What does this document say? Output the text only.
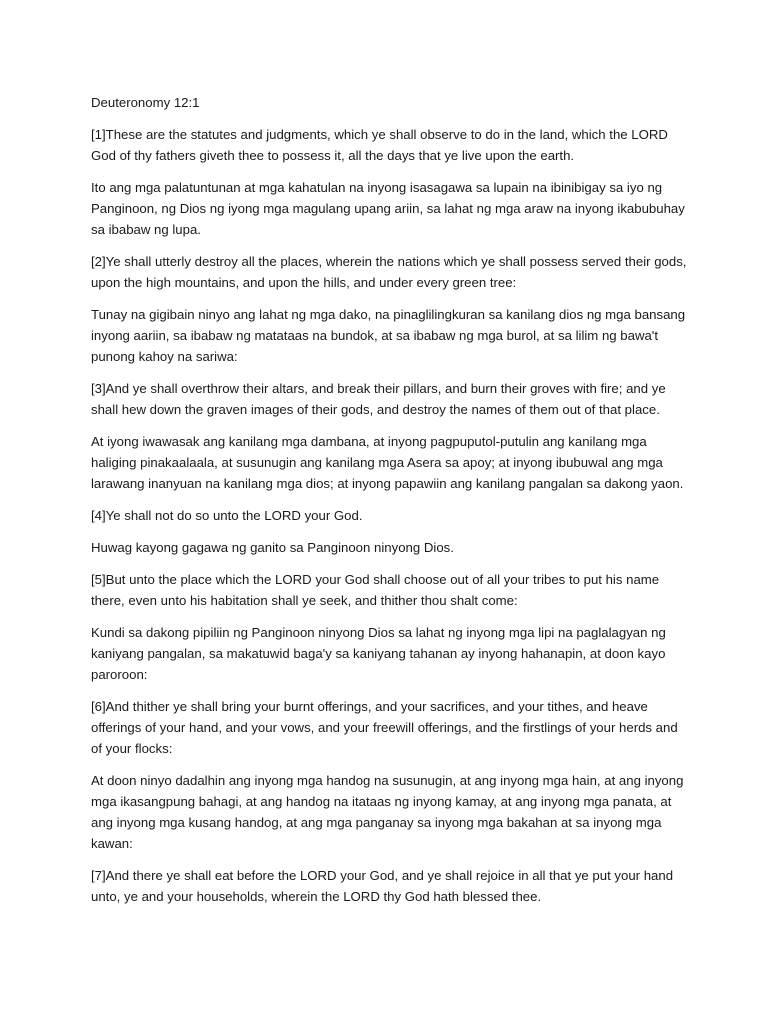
Deuteronomy 12:1

[1]These are the statutes and judgments, which ye shall observe to do in the land, which the LORD God of thy fathers giveth thee to possess it, all the days that ye live upon the earth.

Ito ang mga palatuntunan at mga kahatulan na inyong isasagawa sa lupain na ibinibigay sa iyo ng Panginoon, ng Dios ng iyong mga magulang upang ariin, sa lahat ng mga araw na inyong ikabubuhay sa ibabaw ng lupa.

[2]Ye shall utterly destroy all the places, wherein the nations which ye shall possess served their gods, upon the high mountains, and upon the hills, and under every green tree:

Tunay na gigibain ninyo ang lahat ng mga dako, na pinaglilingkuran sa kanilang dios ng mga bansang inyong aariin, sa ibabaw ng matataas na bundok, at sa ibabaw ng mga burol, at sa lilim ng bawa't punong kahoy na sariwa:

[3]And ye shall overthrow their altars, and break their pillars, and burn their groves with fire; and ye shall hew down the graven images of their gods, and destroy the names of them out of that place.

At iyong iwawasak ang kanilang mga dambana, at inyong pagpuputol-putulin ang kanilang mga haliging pinakaalaala, at susunugin ang kanilang mga Asera sa apoy; at inyong ibubuwal ang mga larawang inanyuan na kanilang mga dios; at inyong papawiin ang kanilang pangalan sa dakong yaon.

[4]Ye shall not do so unto the LORD your God.

Huwag kayong gagawa ng ganito sa Panginoon ninyong Dios.

[5]But unto the place which the LORD your God shall choose out of all your tribes to put his name there, even unto his habitation shall ye seek, and thither thou shalt come:

Kundi sa dakong pipiliin ng Panginoon ninyong Dios sa lahat ng inyong mga lipi na paglalagyan ng kaniyang pangalan, sa makatuwid baga'y sa kaniyang tahanan ay inyong hahanapin, at doon kayo paroroon:

[6]And thither ye shall bring your burnt offerings, and your sacrifices, and your tithes, and heave offerings of your hand, and your vows, and your freewill offerings, and the firstlings of your herds and of your flocks:

At doon ninyo dadalhin ang inyong mga handog na susunugin, at ang inyong mga hain, at ang inyong mga ikasangpung bahagi, at ang handog na itataas ng inyong kamay, at ang inyong mga panata, at ang inyong mga kusang handog, at ang mga panganay sa inyong mga bakahan at sa inyong mga kawan:

[7]And there ye shall eat before the LORD your God, and ye shall rejoice in all that ye put your hand unto, ye and your households, wherein the LORD thy God hath blessed thee.
